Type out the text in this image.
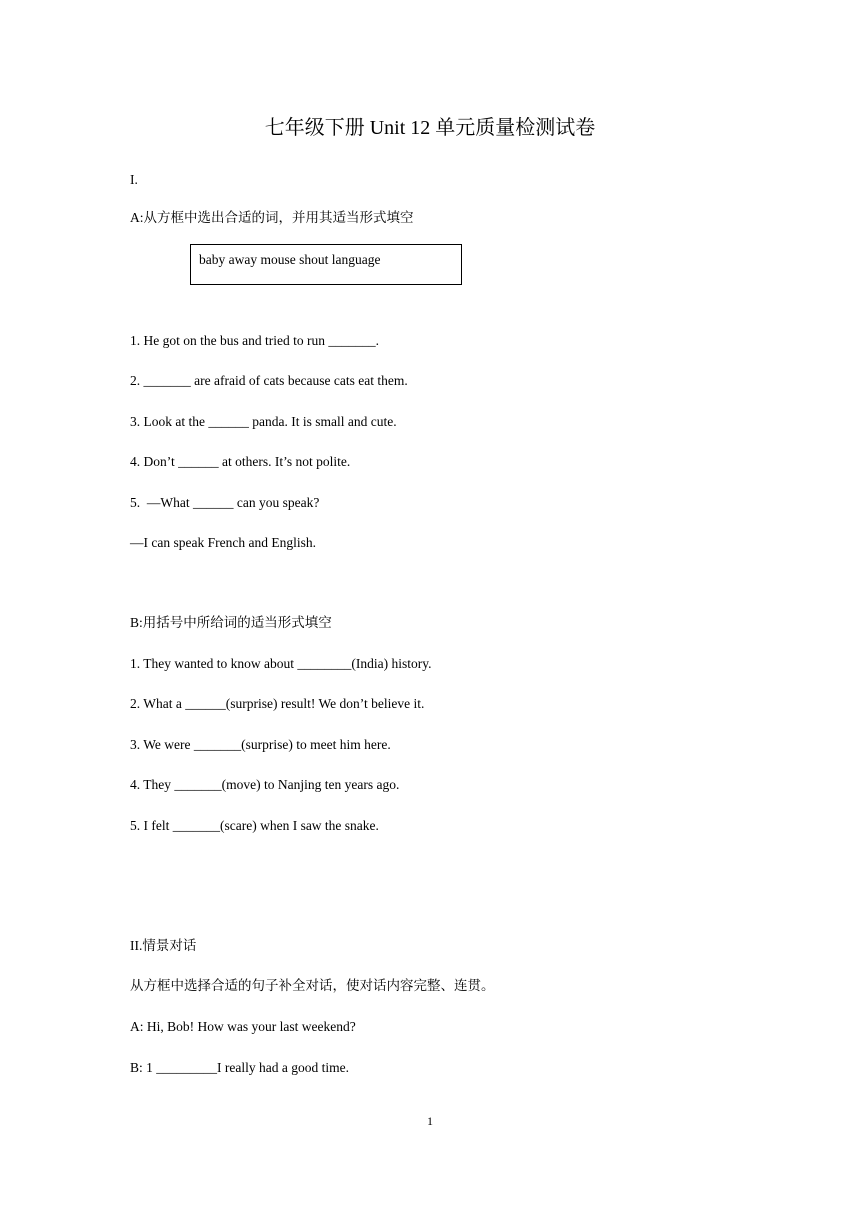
七年级下册 Unit 12 单元质量检测试卷
I.
A:从方框中选出合适的词，并用其适当形式填空
baby away mouse shout language
1. He got on the bus and tried to run _______.
2. _______ are afraid of cats because cats eat them.
3. Look at the ______ panda. It is small and cute.
4. Don’t ______ at others. It’s not polite.
5.  —What ______ can you speak?
—I can speak French and English.
B:用括号中所给词的适当形式填空
1. They wanted to know about ________(India) history.
2. What a ______(surprise) result! We don’t believe it.
3. We were _______(surprise) to meet him here.
4. They _______(move) to Nanjing ten years ago.
5. I felt _______(scare) when I saw the snake.
II.情景对话
从方框中选择合适的句子补全对话，使对话内容完整、连贯。
A: Hi, Bob! How was your last weekend?
B: 1 _________I really had a good time.
1
